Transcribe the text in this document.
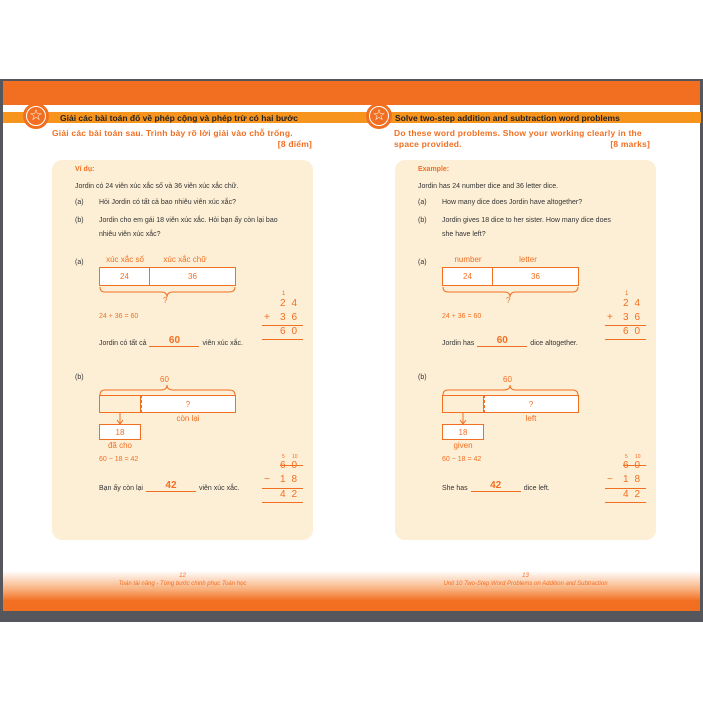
☆	Giải các bài toán đố về phép cộng và phép trừ có hai bước
Giải các bài toán sau. Trình bày rõ lời giải vào chỗ trống.
[8 điểm]
Ví dụ:
Jordin có 24 viên xúc xắc số và 36 viên xúc xắc chữ.
(a) Hỏi Jordin có tất cả bao nhiêu viên xúc xắc?
(b) Jordin cho em gái 18 viên xúc xắc. Hỏi bạn ấy còn lại bao
nhiêu viên xúc xắc?
(a)	xúc xắc số	xúc xắc chữ
24	36
?
24 + 36 = 60
1
24
+ 36
60
Jordin có tất cả	60	viên xúc xắc.
(b)	60
?
còn lại
18
đã cho
60 − 18 = 42	5 10
60
− 18
42
Bạn ấy còn lại	42	viên xúc xắc.
12
Toán tài năng - Từng bước chinh phục Toán học
☆	Solve two-step addition and subtraction word problems
Do these word problems. Show your working clearly in the
space provided.	[8 marks]
Example:
Jordin has 24 number dice and 36 letter dice.
(a) How many dice does Jordin have altogether?
(b) Jordin gives 18 dice to her sister. How many dice does
she have left?
(a)	number	letter
24	36
?
24 + 36 = 60
1
24
+ 36
60
Jordin has	60	dice altogether.
(b)	60
?
left
18
given
60 − 18 = 42	5 10
60
− 18
42
She has	42	dice left.
13
Unit 10 Two-Step Word Problems on Addition and Subtraction
